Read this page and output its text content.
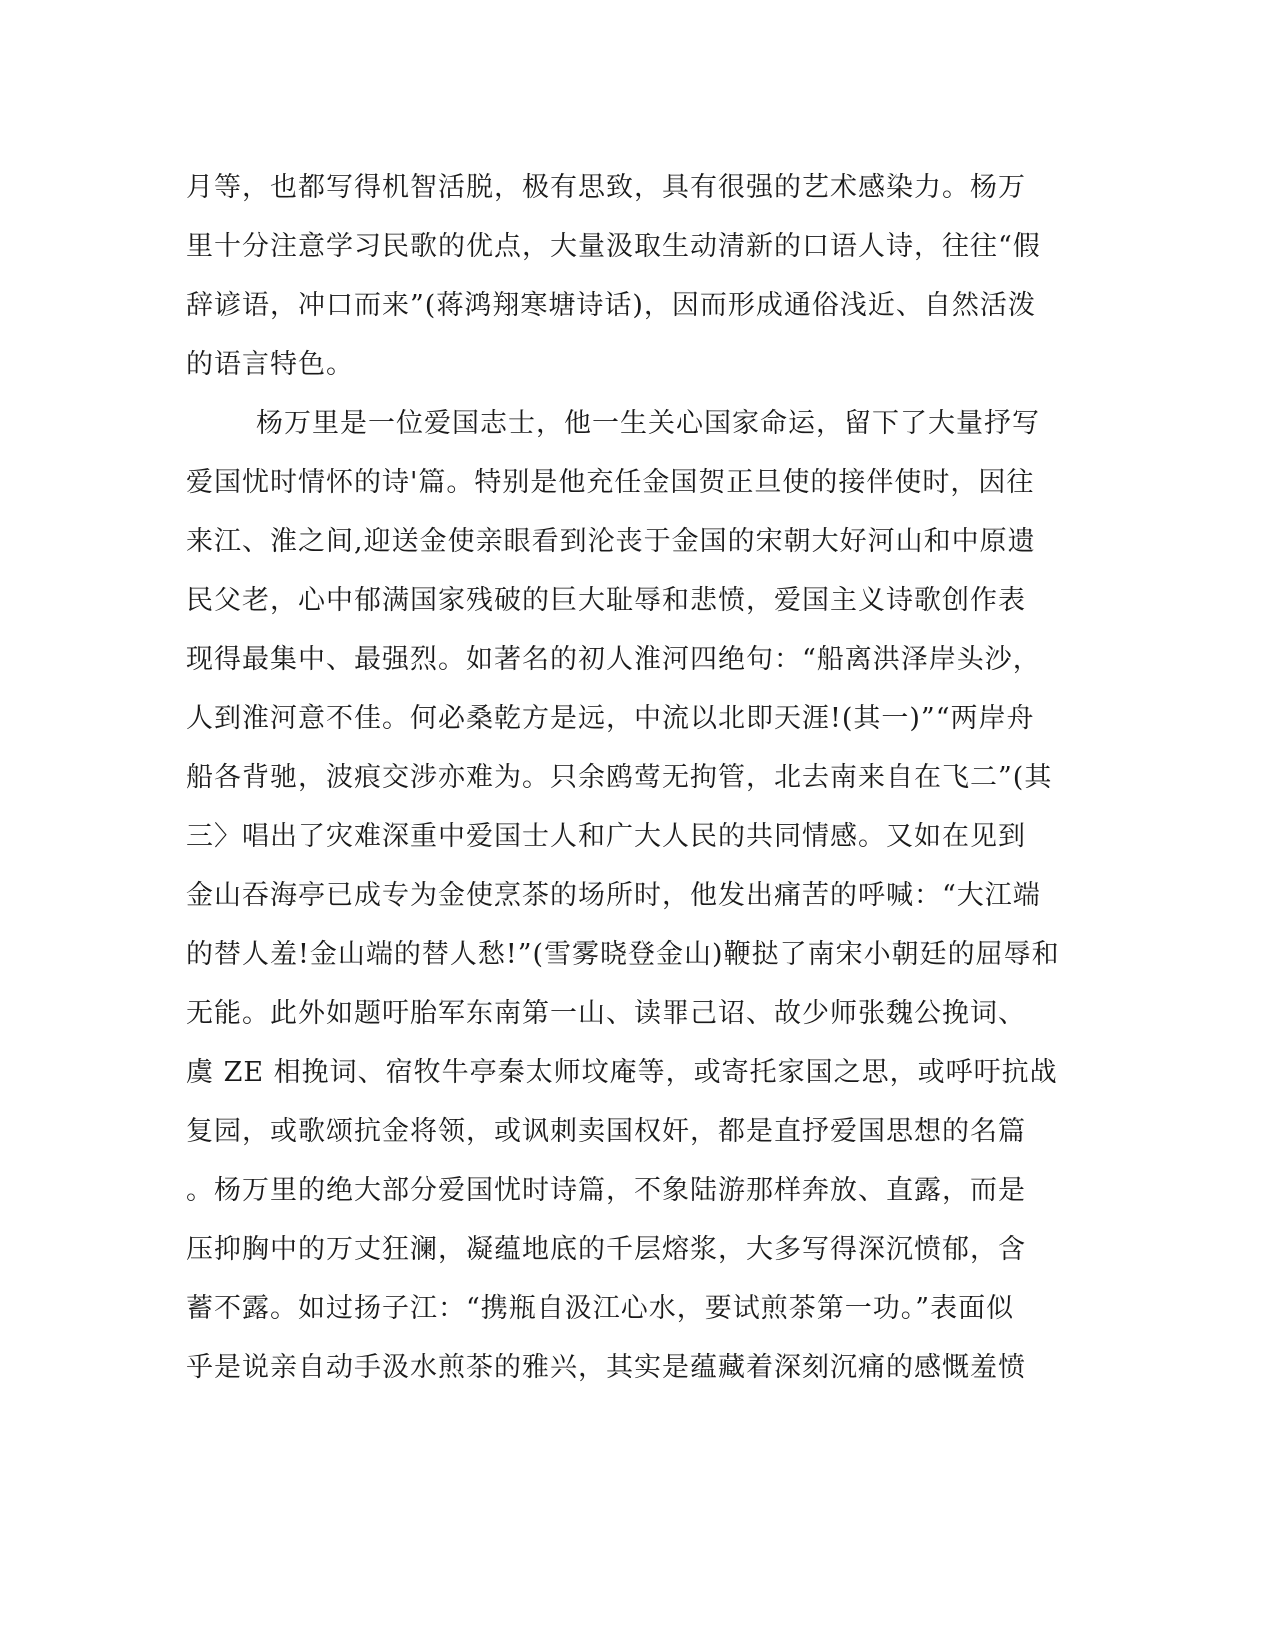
月等，也都写得机智活脱，极有思致，具有很强的艺术感染力。杨万
里十分注意学习民歌的优点，大量汲取生动清新的口语人诗，往往“假
辞谚语，冲口而来”(蒋鸿翔寒塘诗话)，因而形成通俗浅近、自然活泼
的语言特色。
杨万里是一位爱国志士，他一生关心国家命运，留下了大量抒写
爱国忧时情怀的诗'篇。特别是他充任金国贺正旦使的接伴使时，因往
来江、淮之间,迎送金使亲眼看到沦丧于金国的宋朝大好河山和中原遗
民父老，心中郁满国家残破的巨大耻辱和悲愤，爱国主义诗歌创作表
现得最集中、最强烈。如著名的初人淮河四绝句：“船离洪泽岸头沙，
人到淮河意不佳。何必桑乾方是远，中流以北即天涯!(其一)”“两岸舟
船各背驰，波痕交涉亦难为。只余鸥莺无拘管，北去南来自在飞二”(其
三〉唱出了灾难深重中爱国士人和广大人民的共同情感。又如在见到
金山吞海亭已成专为金使烹茶的场所时，他发出痛苦的呼喊：“大江端
的替人羞!金山端的替人愁!”(雪雾晓登金山)鞭挞了南宋小朝廷的屈辱和
无能。此外如题吁胎军东南第一山、读罪己诏、故少师张魏公挽词、
虞 ZE 相挽词、宿牧牛亭秦太师坟庵等，或寄托家国之思，或呼吁抗战
复园，或歌颂抗金将领，或讽刺卖国权奸，都是直抒爱国思想的名篇
。杨万里的绝大部分爱国忧时诗篇，不象陆游那样奔放、直露，而是
压抑胸中的万丈狂澜，凝蕴地底的千层熔浆，大多写得深沉愤郁，含
蓄不露。如过扬子江：“携瓶自汲江心水，要试煎茶第一功。”表面似
乎是说亲自动手汲水煎茶的雅兴，其实是蕴藏着深刻沉痛的感慨羞愤
